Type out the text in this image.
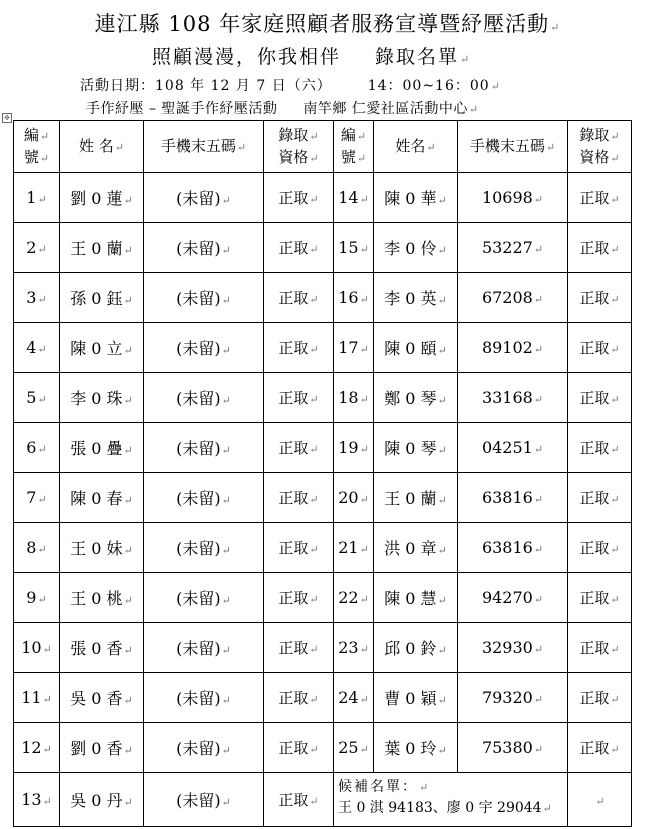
連江縣 108 年家庭照顧者服務宣導暨紓壓活動↵
照顧漫漫，你我相伴 錄取名單↵
活動日期：108 年 12 月 7 日（六）	14：00~16：00↵
手作紓壓 – 聖誕手作紓壓活動 南竿鄉 仁愛社區活動中心↵
✥
編↵
號↵	姓 名↵	手機末五碼↵	錄取↵
資格↵	編↵
號↵	姓名↵	手機末五碼↵	錄取↵
資格↵
1↵	劉 0 蓮↵	(未留)↵	正取↵	14↵	陳 0 華↵	10698↵	正取↵
2↵	王 0 蘭↵	(未留)↵	正取↵	15↵	李 0 伶↵	53227↵	正取↵
3↵	孫 0 鈺↵	(未留)↵	正取↵	16↵	李 0 英↵	67208↵	正取↵
4↵	陳 0 立↵	(未留)↵	正取↵	17↵	陳 0 頤↵	89102↵	正取↵
5↵	李 0 珠↵	(未留)↵	正取↵	18↵	鄭 0 琴↵	33168↵	正取↵
6↵	張 0 疊↵	(未留)↵	正取↵	19↵	陳 0 琴↵	04251↵	正取↵
7↵	陳 0 春↵	(未留)↵	正取↵	20↵	王 0 蘭↵	63816↵	正取↵
8↵	王 0 妹↵	(未留)↵	正取↵	21↵	洪 0 章↵	63816↵	正取↵
9↵	王 0 桃↵	(未留)↵	正取↵	22↵	陳 0 慧↵	94270↵	正取↵
10↵	張 0 香↵	(未留)↵	正取↵	23↵	邱 0 鈴↵	32930↵	正取↵
11↵	吳 0 香↵	(未留)↵	正取↵	24↵	曹 0 穎↵	79320↵	正取↵
12↵	劉 0 香↵	(未留)↵	正取↵	25↵	葉 0 玲↵	75380↵	正取↵
13↵	吳 0 丹↵	(未留)↵	正取↵	候補名單：↵
王 0 淇 94183、廖 0 宇 29044↵			↵
